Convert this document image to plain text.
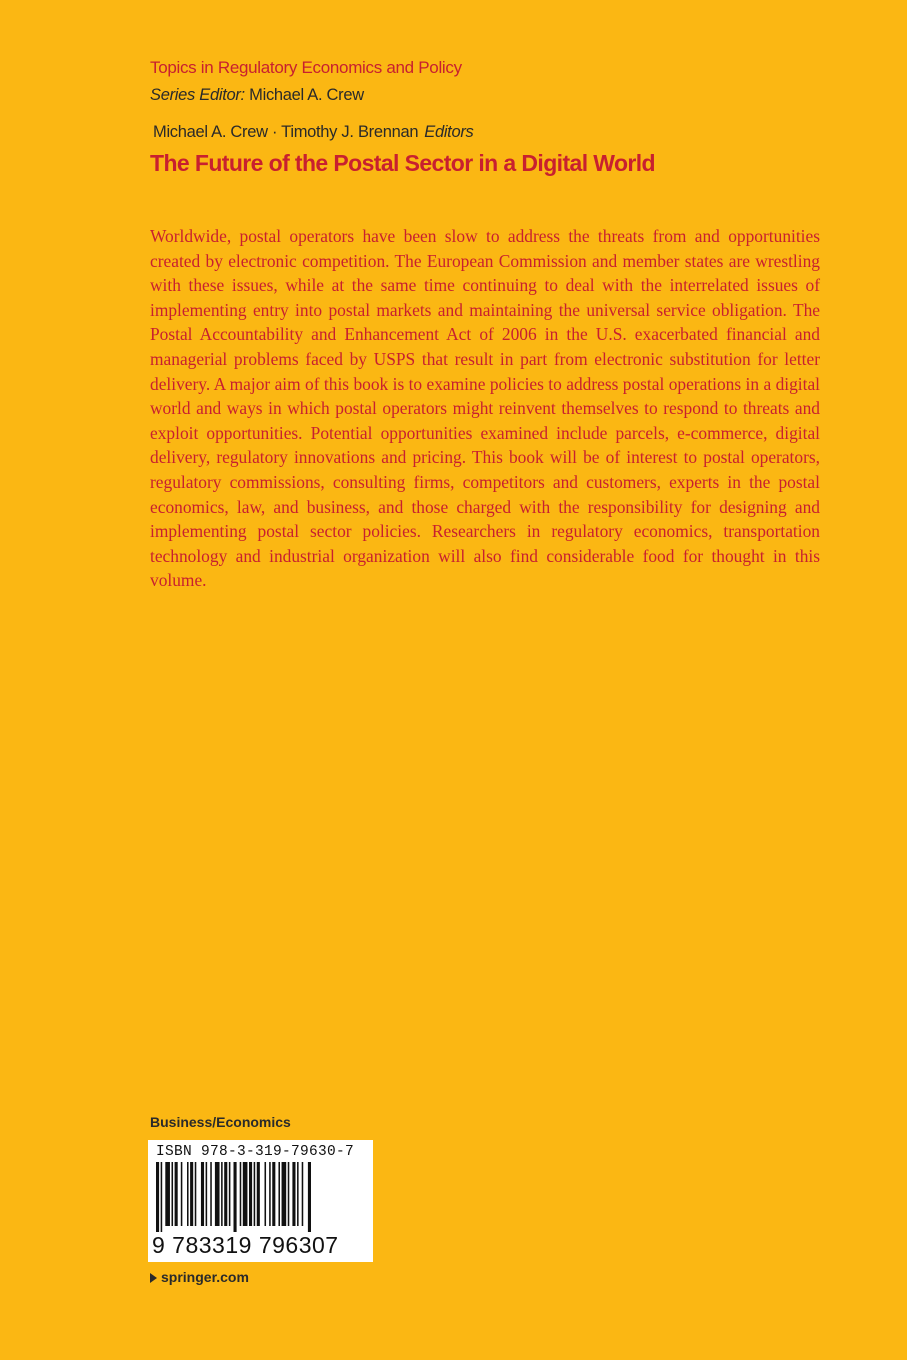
Topics in Regulatory Economics and Policy
Series Editor: Michael A. Crew
Michael A. Crew · Timothy J. Brennan Editors
The Future of the Postal Sector in a Digital World

Worldwide, postal operators have been slow to address the threats from and opportunities created by electronic competition. The European Commission and member states are wrestling with these issues, while at the same time continuing to deal with the interrelated issues of implementing entry into postal markets and maintaining the universal service obligation. The Postal Accountability and Enhancement Act of 2006 in the U.S. exacerbated financial and managerial problems faced by USPS that result in part from electronic substitution for letter delivery. A major aim of this book is to examine policies to address postal operations in a digital world and ways in which postal operators might reinvent themselves to respond to threats and exploit opportunities. Potential opportunities examined include parcels, e-commerce, digital delivery, regulatory innovations and pricing. This book will be of interest to postal operators, regulatory commissions, consulting firms, competitors and customers, experts in the postal economics, law, and business, and those charged with the responsibility for designing and implementing postal sector policies. Researchers in regulatory economics, transportation technology and industrial organization will also find considerable food for thought in this volume.

Business/Economics
ISBN 978-3-319-79630-7
9 783319 796307
springer.com
